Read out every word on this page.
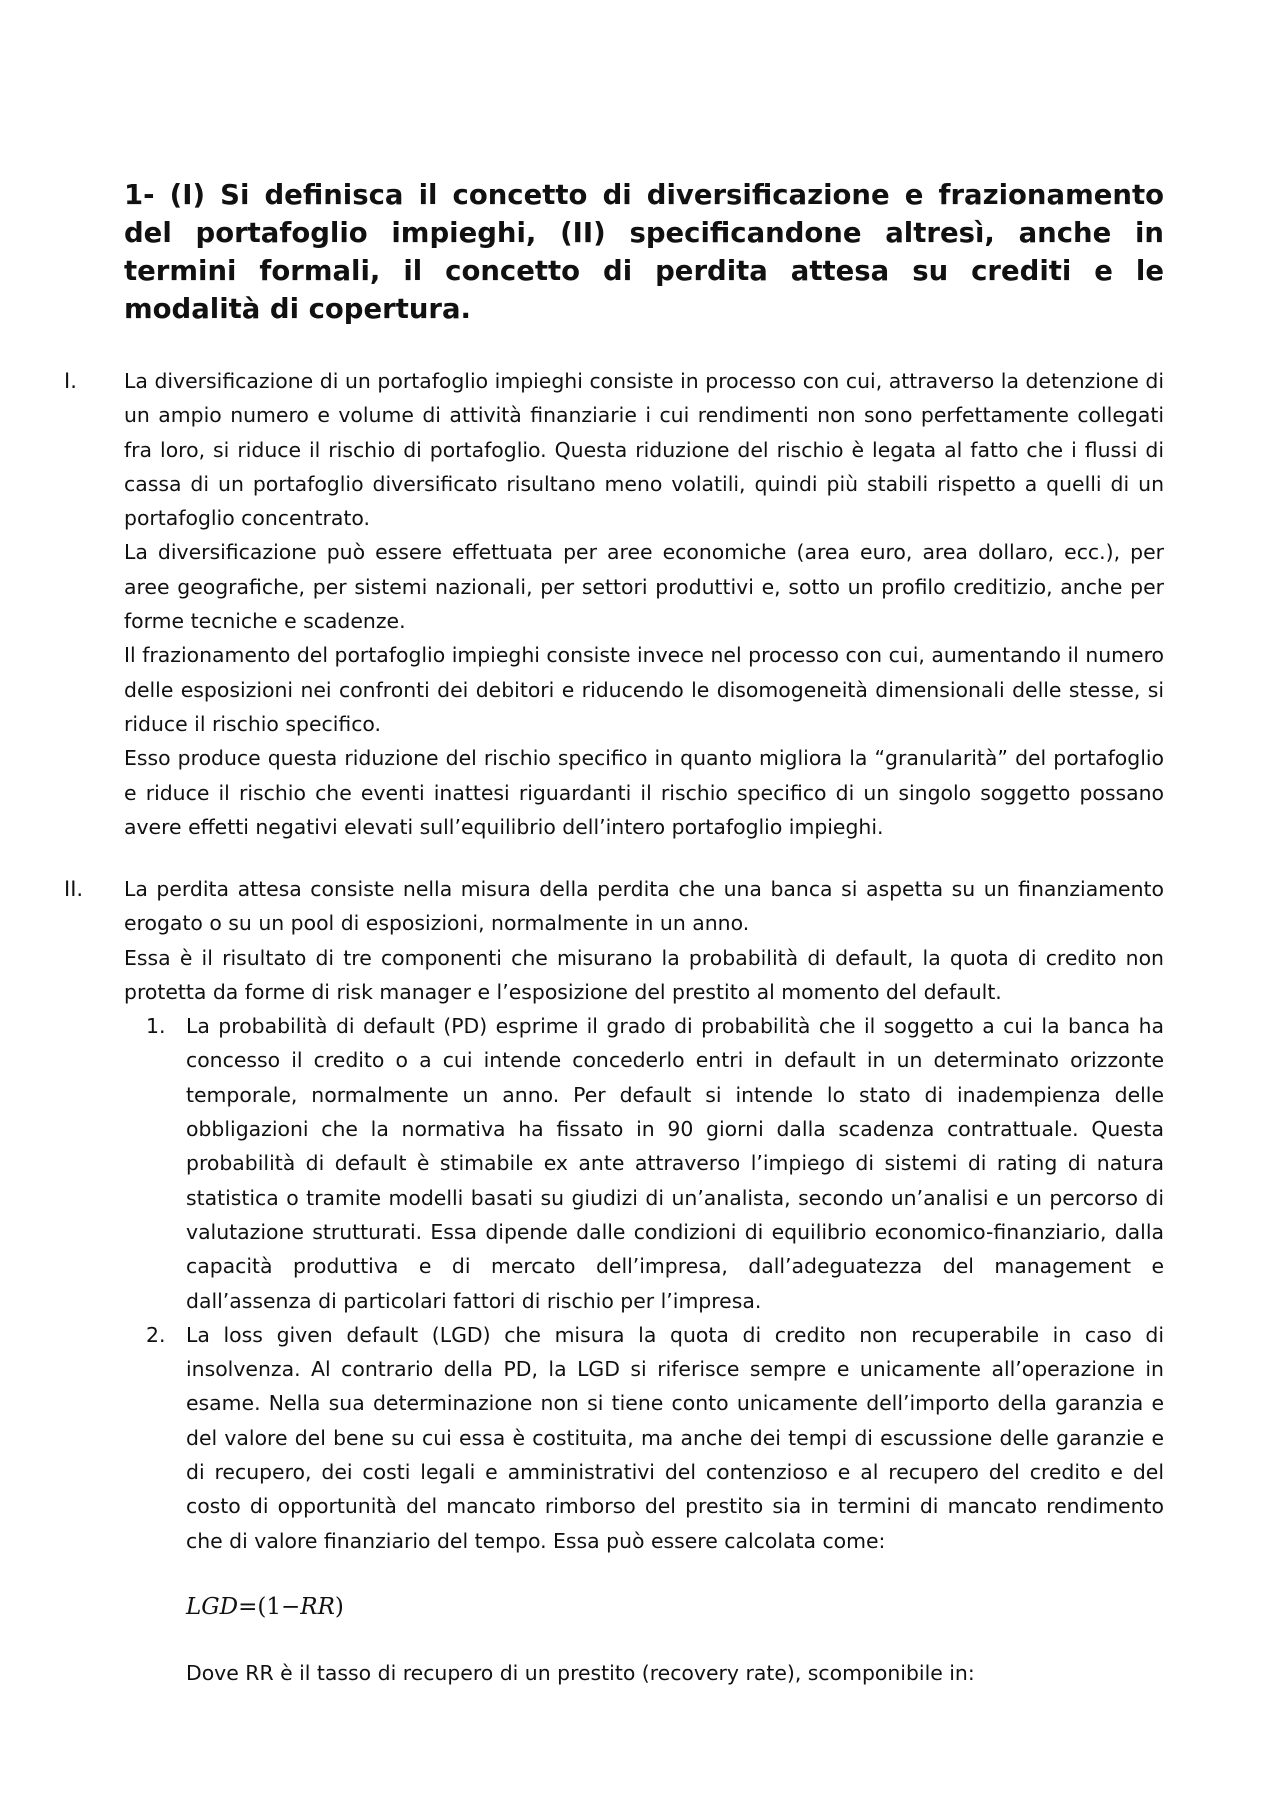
1- (I) Si definisca il concetto di diversificazione e frazionamento del portafoglio impieghi, (II) specificandone altresì, anche in termini formali, il concetto di perdita attesa su crediti e le modalità di copertura.
I. La diversificazione di un portafoglio impieghi consiste in processo con cui, attraverso la detenzione di un ampio numero e volume di attività finanziarie i cui rendimenti non sono perfettamente collegati fra loro, si riduce il rischio di portafoglio. Questa riduzione del rischio è legata al fatto che i flussi di cassa di un portafoglio diversificato risultano meno volatili, quindi più stabili rispetto a quelli di un portafoglio concentrato.

La diversificazione può essere effettuata per aree economiche (area euro, area dollaro, ecc.), per aree geografiche, per sistemi nazionali, per settori produttivi e, sotto un profilo creditizio, anche per forme tecniche e scadenze.

Il frazionamento del portafoglio impieghi consiste invece nel processo con cui, aumentando il numero delle esposizioni nei confronti dei debitori e riducendo le disomogeneità dimensionali delle stesse, si riduce il rischio specifico.

Esso produce questa riduzione del rischio specifico in quanto migliora la “granularità” del portafoglio e riduce il rischio che eventi inattesi riguardanti il rischio specifico di un singolo soggetto possano avere effetti negativi elevati sull’equilibrio dell’intero portafoglio impieghi.

II. La perdita attesa consiste nella misura della perdita che una banca si aspetta su un finanziamento erogato o su un pool di esposizioni, normalmente in un anno.

Essa è il risultato di tre componenti che misurano la probabilità di default, la quota di credito non protetta da forme di risk manager e l’esposizione del prestito al momento del default.

1. La probabilità di default (PD) esprime il grado di probabilità che il soggetto a cui la banca ha concesso il credito o a cui intende concederlo entri in default in un determinato orizzonte temporale, normalmente un anno. Per default si intende lo stato di inadempienza delle obbligazioni che la normativa ha fissato in 90 giorni dalla scadenza contrattuale. Questa probabilità di default è stimabile ex ante attraverso l’impiego di sistemi di rating di natura statistica o tramite modelli basati su giudizi di un’analista, secondo un’analisi e un percorso di valutazione strutturati. Essa dipende dalle condizioni di equilibrio economico-finanziario, dalla capacità produttiva e di mercato dell’impresa, dall’adeguatezza del management e dall’assenza di particolari fattori di rischio per l’impresa.

2. La loss given default (LGD) che misura la quota di credito non recuperabile in caso di insolvenza. Al contrario della PD, la LGD si riferisce sempre e unicamente all’operazione in esame. Nella sua determinazione non si tiene conto unicamente dell’importo della garanzia e del valore del bene su cui essa è costituita, ma anche dei tempi di escussione delle garanzie e di recupero, dei costi legali e amministrativi del contenzioso e al recupero del credito e del costo di opportunità del mancato rimborso del prestito sia in termini di mancato rendimento che di valore finanziario del tempo. Essa può essere calcolata come:

LGD=(1−RR)

Dove RR è il tasso di recupero di un prestito (recovery rate), scomponibile in:
